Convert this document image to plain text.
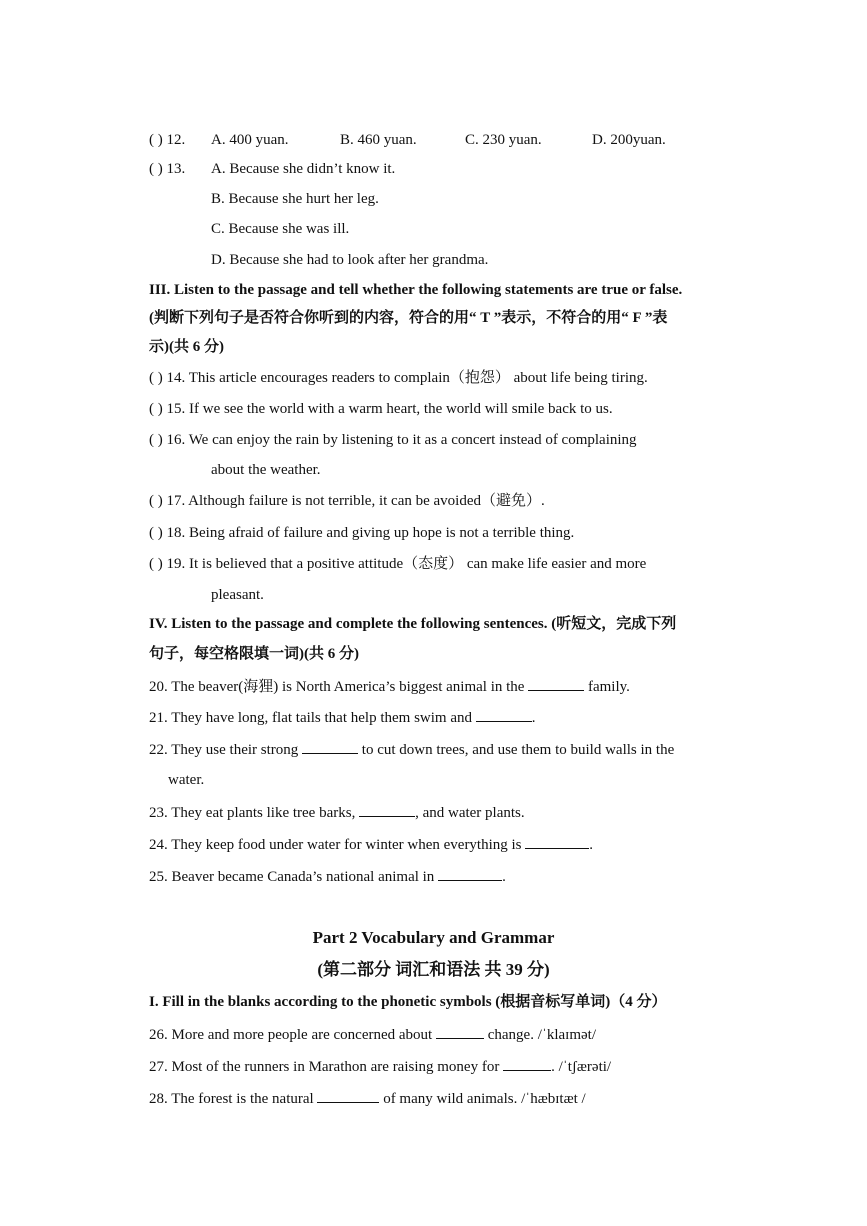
( ) 12. A. 400 yuan.	B. 460 yuan.	C. 230 yuan.	D. 200yuan.
( ) 13. A. Because she didn’t know it.
B. Because she hurt her leg.
C. Because she was ill.
D. Because she had to look after her grandma.
III. Listen to the passage and tell whether the following statements are true or false.
(判断下列句子是否符合你听到的内容，符合的用“ T ”表示，不符合的用“ F ”表
示)(共 6 分)
( ) 14. This article encourages readers to complain（抱怨） about life being tiring.
( ) 15. If we see the world with a warm heart, the world will smile back to us.
( ) 16. We can enjoy the rain by listening to it as a concert instead of complaining
about the weather.
( ) 17. Although failure is not terrible, it can be avoided（避免）.
( ) 18. Being afraid of failure and giving up hope is not a terrible thing.
( ) 19. It is believed that a positive attitude（态度） can make life easier and more
pleasant.
IV. Listen to the passage and complete the following sentences. (听短文，完成下列
句子，每空格限填一词)(共 6 分)
20. The beaver(海狸) is North America’s biggest animal in the	family.
21. They have long, flat tails that help them swim and	.
22. They use their strong	to cut down trees, and use them to build walls in the
water.
23. They eat plants like tree barks,	, and water plants.
24. They keep food under water for winter when everything is	.
25. Beaver became Canada’s national animal in	.
Part 2 Vocabulary and Grammar
(第二部分 词汇和语法 共 39 分)
I. Fill in the blanks according to the phonetic symbols (根据音标写单词)（4 分）
26. More and more people are concerned about	change. /ˈklaɪmət/
27. Most of the runners in Marathon are raising money for	. /ˈtʃærəti/
28. The forest is the natural	of many wild animals. /ˈhæbɪtæt /
